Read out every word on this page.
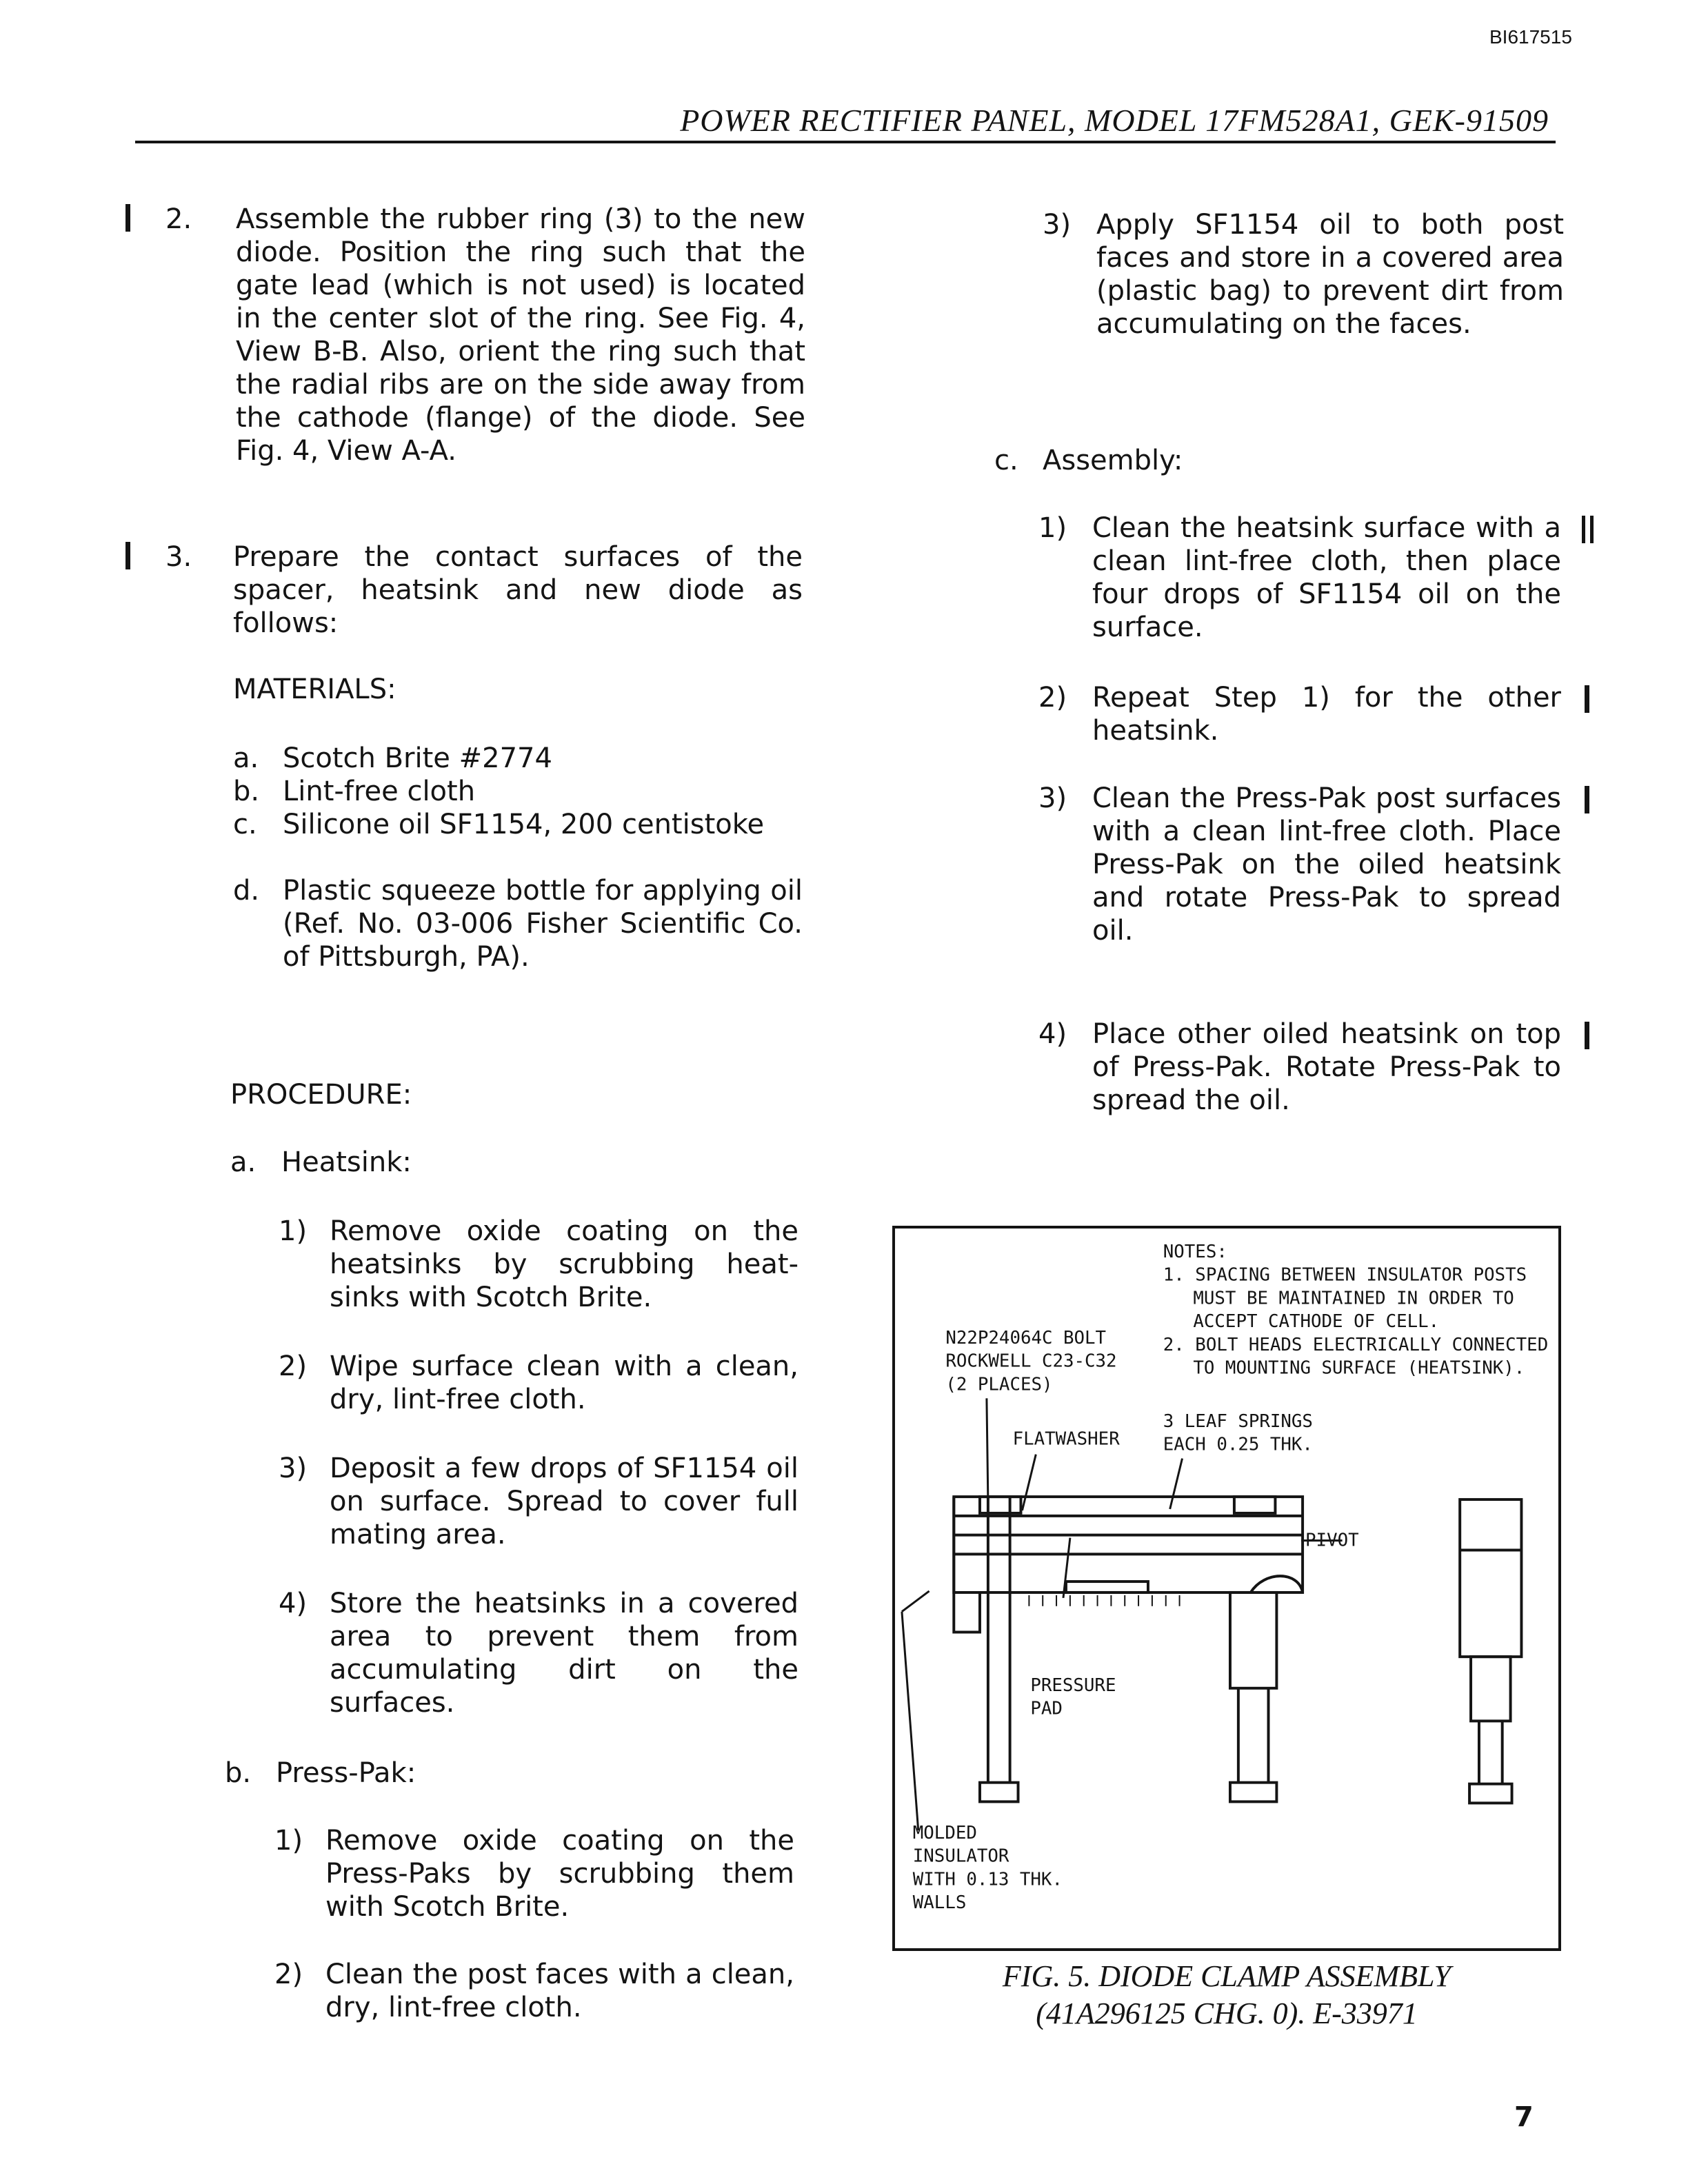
BI617515
POWER RECTIFIER PANEL, MODEL 17FM528A1, GEK-91509
2. Assemble the rubber ring (3) to the new diode. Position the ring such that the gate lead (which is not used) is located in the center slot of the ring. See Fig. 4, View B-B. Also, orient the ring such that the radial ribs are on the side away from the cathode (flange) of the diode. See Fig. 4, View A-A.
3. Prepare the contact surfaces of the spacer, heatsink and new diode as follows:
MATERIALS:
a. Scotch Brite #2774
b. Lint-free cloth
c. Silicone oil SF1154, 200 centistoke
d. Plastic squeeze bottle for applying oil (Ref. No. 03-006 Fisher Scientific Co. of Pittsburgh, PA).
PROCEDURE:
a. Heatsink:
1) Remove oxide coating on the heatsinks by scrubbing heat-sinks with Scotch Brite.
2) Wipe surface clean with a clean, dry, lint-free cloth.
3) Deposit a few drops of SF1154 oil on surface. Spread to cover full mating area.
4) Store the heatsinks in a covered area to prevent them from accumulating dirt on the surfaces.
b. Press-Pak:
1) Remove oxide coating on the Press-Paks by scrubbing them with Scotch Brite.
2) Clean the post faces with a clean, dry, lint-free cloth.
3) Apply SF1154 oil to both post faces and store in a covered area (plastic bag) to prevent dirt from accumulating on the faces.
c. Assembly:
1) Clean the heatsink surface with a clean lint-free cloth, then place four drops of SF1154 oil on the surface.
2) Repeat Step 1) for the other heatsink.
3) Clean the Press-Pak post surfaces with a clean lint-free cloth. Place Press-Pak on the oiled heatsink and rotate Press-Pak to spread oil.
4) Place other oiled heatsink on top of Press-Pak. Rotate Press-Pak to spread the oil.
NOTES:
1. SPACING BETWEEN INSULATOR POSTS
MUST BE MAINTAINED IN ORDER TO
ACCEPT CATHODE OF CELL.
2. BOLT HEADS ELECTRICALLY CONNECTED
TO MOUNTING SURFACE (HEATSINK).
N22P24064C BOLT
ROCKWELL C23-C32
(2 PLACES)
3 LEAF SPRINGS
EACH 0.25 THK.
FLATWASHER
PIVOT
PRESSURE
PAD
MOLDED
INSULATOR
WITH 0.13 THK.
WALLS
FIG. 5. DIODE CLAMP ASSEMBLY
(41A296125 CHG. 0). E-33971
7
